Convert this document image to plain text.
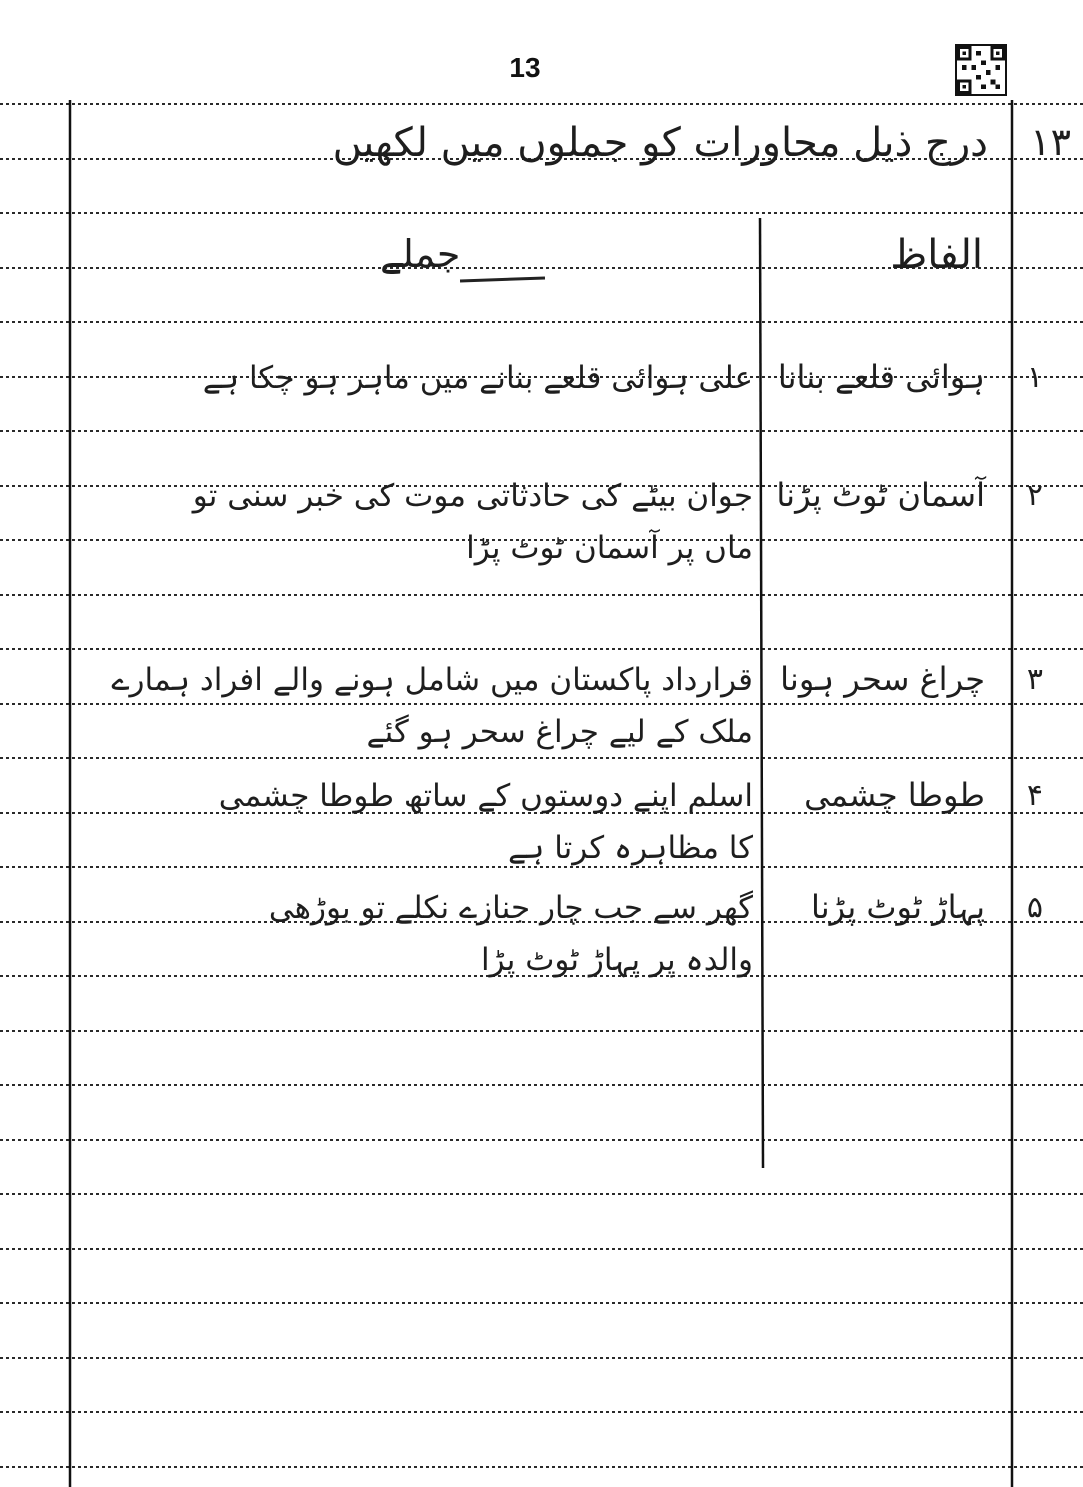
13
درج ذیل محاورات کو جملوں میں لکھیں ۱۳
الفاظ
جملے
۱
ہوائی قلعے بنانا
علی ہوائی قلعے بنانے میں ماہر ہو چکا ہے
۲
آسمان ٹوٹ پڑنا
جوان بیٹے کی حادثاتی موت کی خبر سنی تو ماں پر آسمان ٹوٹ پڑا
۳
چراغ سحر ہونا
قرارداد پاکستان میں شامل ہونے والے افراد ہمارے ملک کے لیے چراغ سحر ہو گئے
۴
طوطا چشمی
اسلم اپنے دوستوں کے ساتھ طوطا چشمی کا مظاہرہ کرتا ہے
۵
پہاڑ ٹوٹ پڑنا
گھر سے جب چار جنازے نکلے تو بوڑھی والدہ پر پہاڑ ٹوٹ پڑا
